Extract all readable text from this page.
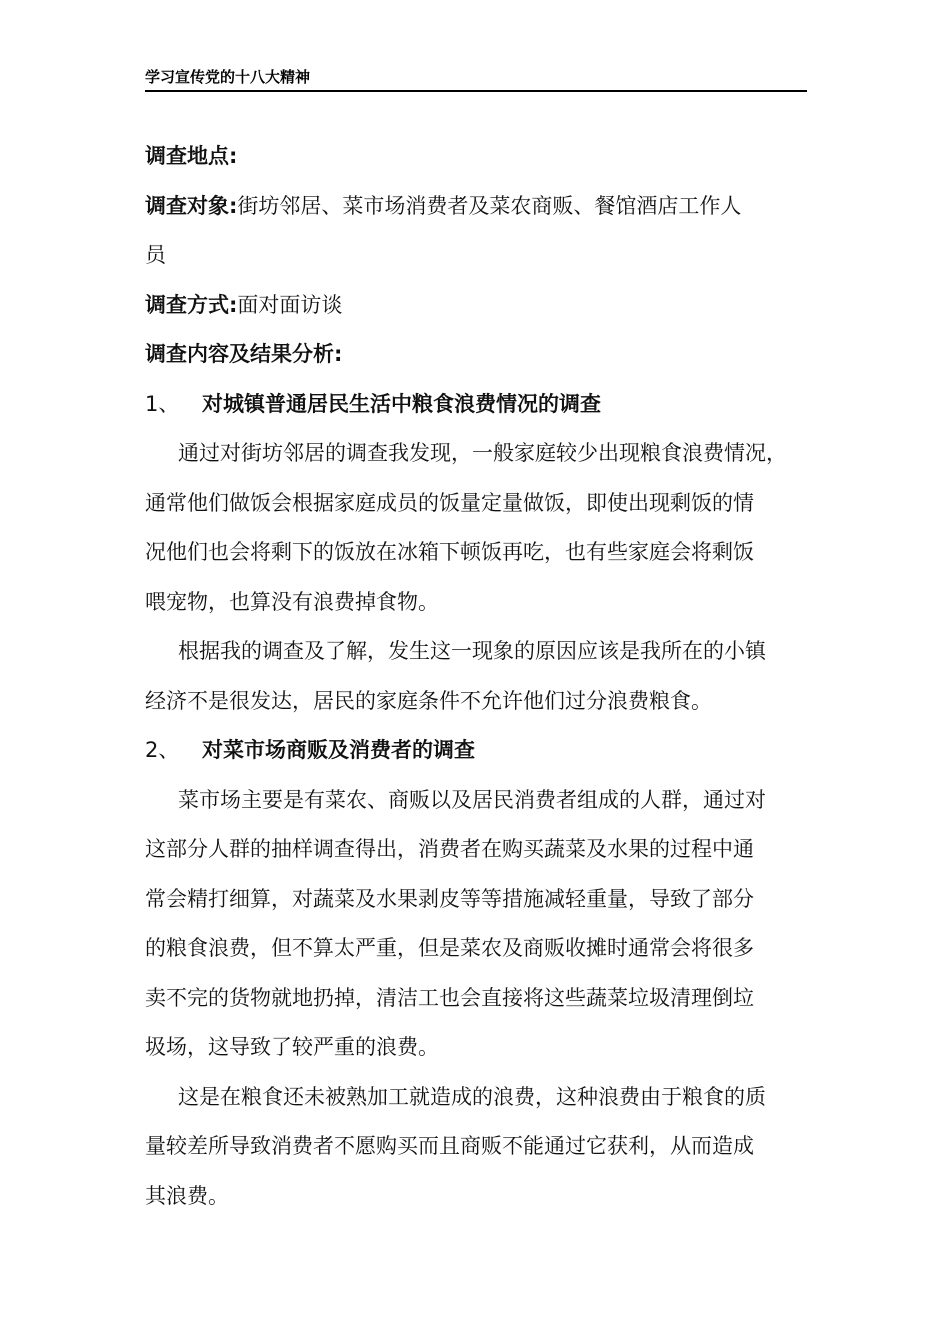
学习宣传党的十八大精神
调查地点:
调查对象:街坊邻居、菜市场消费者及菜农商贩、餐馆酒店工作人
员
调查方式:面对面访谈
调查内容及结果分析:
1、 对城镇普通居民生活中粮食浪费情况的调查
通过对街坊邻居的调查我发现，一般家庭较少出现粮食浪费情况，
通常他们做饭会根据家庭成员的饭量定量做饭，即使出现剩饭的情
况他们也会将剩下的饭放在冰箱下顿饭再吃，也有些家庭会将剩饭
喂宠物，也算没有浪费掉食物。
根据我的调查及了解，发生这一现象的原因应该是我所在的小镇
经济不是很发达，居民的家庭条件不允许他们过分浪费粮食。
2、 对菜市场商贩及消费者的调查
菜市场主要是有菜农、商贩以及居民消费者组成的人群，通过对
这部分人群的抽样调查得出，消费者在购买蔬菜及水果的过程中通
常会精打细算，对蔬菜及水果剥皮等等措施减轻重量，导致了部分
的粮食浪费，但不算太严重，但是菜农及商贩收摊时通常会将很多
卖不完的货物就地扔掉，清洁工也会直接将这些蔬菜垃圾清理倒垃
圾场，这导致了较严重的浪费。
这是在粮食还未被熟加工就造成的浪费，这种浪费由于粮食的质
量较差所导致消费者不愿购买而且商贩不能通过它获利，从而造成
其浪费。
